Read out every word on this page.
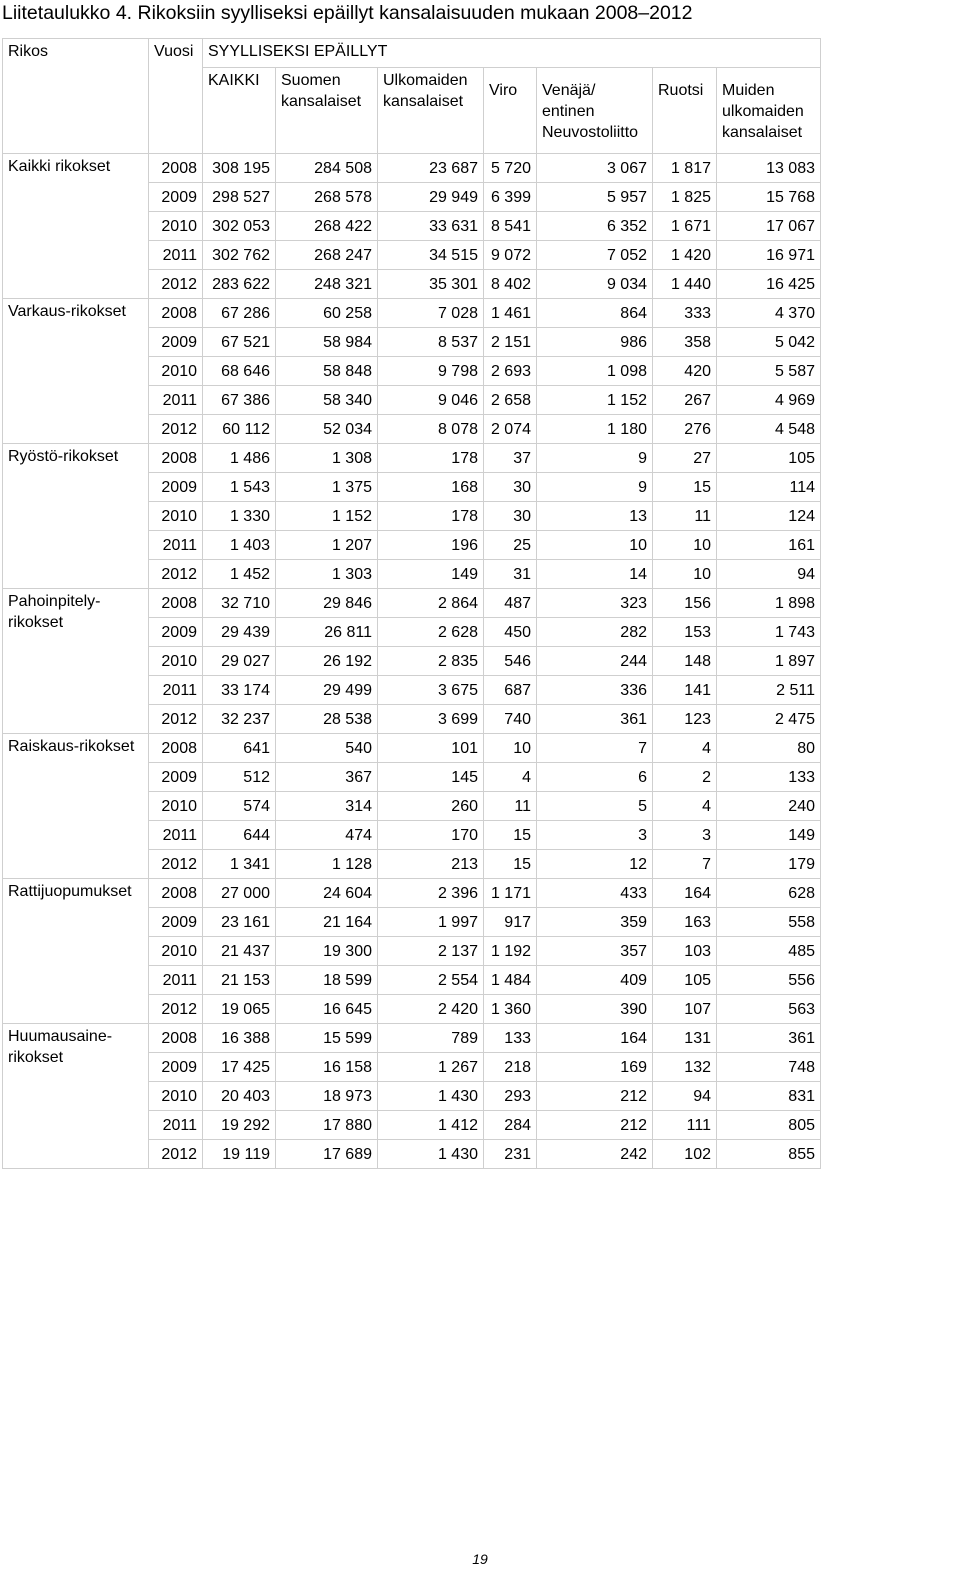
Liitetaulukko 4. Rikoksiin syylliseksi epäillyt kansalaisuuden mukaan 2008–2012
Rikos	Vuosi	SYYLLISEKSI EPÄILLYT						
		KAIKKI	Suomen kansalaiset	Ulkomaiden kansalaiset	Viro	Venäjä/ entinen Neuvostoliitto	Ruotsi	Muiden ulkomaiden kansalaiset
Kaikki rikokset	2008	308 195	284 508	23 687	5 720	3 067	1 817	13 083
	2009	298 527	268 578	29 949	6 399	5 957	1 825	15 768
	2010	302 053	268 422	33 631	8 541	6 352	1 671	17 067
	2011	302 762	268 247	34 515	9 072	7 052	1 420	16 971
	2012	283 622	248 321	35 301	8 402	9 034	1 440	16 425
Varkaus-​rikokset	2008	67 286	60 258	7 028	1 461	864	333	4 370
	2009	67 521	58 984	8 537	2 151	986	358	5 042
	2010	68 646	58 848	9 798	2 693	1 098	420	5 587
	2011	67 386	58 340	9 046	2 658	1 152	267	4 969
	2012	60 112	52 034	8 078	2 074	1 180	276	4 548
Ryöstö-​rikokset	2008	1 486	1 308	178	37	9	27	105
	2009	1 543	1 375	168	30	9	15	114
	2010	1 330	1 152	178	30	13	11	124
	2011	1 403	1 207	196	25	10	10	161
	2012	1 452	1 303	149	31	14	10	94
Pahoinpitely-​rikokset	2008	32 710	29 846	2 864	487	323	156	1 898
	2009	29 439	26 811	2 628	450	282	153	1 743
	2010	29 027	26 192	2 835	546	244	148	1 897
	2011	33 174	29 499	3 675	687	336	141	2 511
	2012	32 237	28 538	3 699	740	361	123	2 475
Raiskaus-​rikokset	2008	641	540	101	10	7	4	80
	2009	512	367	145	4	6	2	133
	2010	574	314	260	11	5	4	240
	2011	644	474	170	15	3	3	149
	2012	1 341	1 128	213	15	12	7	179
Rattijuopumukset	2008	27 000	24 604	2 396	1 171	433	164	628
	2009	23 161	21 164	1 997	917	359	163	558
	2010	21 437	19 300	2 137	1 192	357	103	485
	2011	21 153	18 599	2 554	1 484	409	105	556
	2012	19 065	16 645	2 420	1 360	390	107	563
Huumausaine-​rikokset	2008	16 388	15 599	789	133	164	131	361
	2009	17 425	16 158	1 267	218	169	132	748
	2010	20 403	18 973	1 430	293	212	94	831
	2011	19 292	17 880	1 412	284	212	111	805
	2012	19 119	17 689	1 430	231	242	102	855
19
